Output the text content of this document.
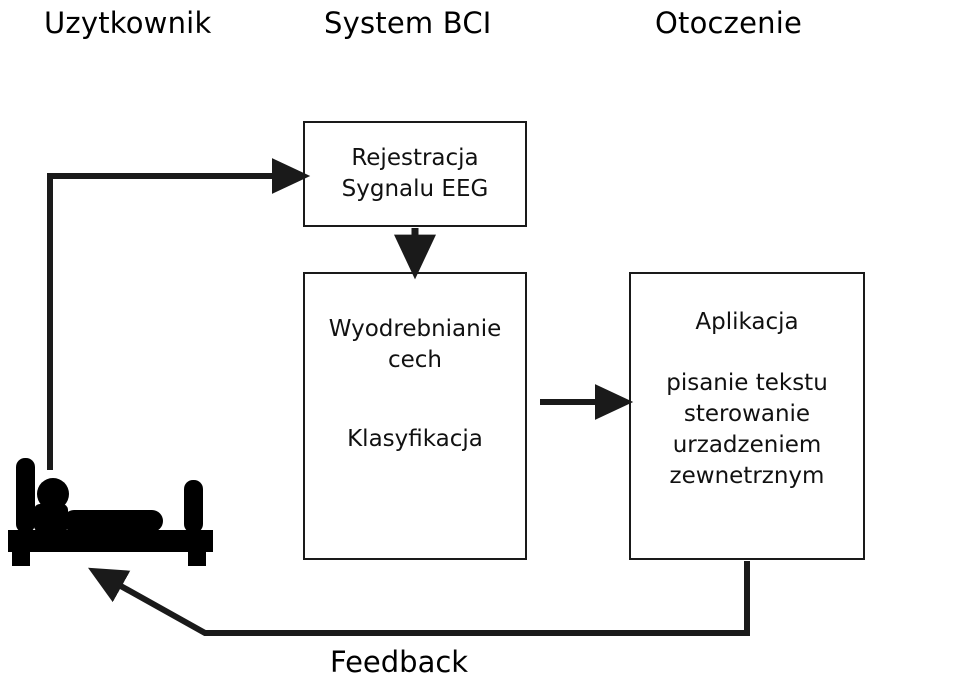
Uzytkownik	System BCI	Otoczenie
Rejestracja
Sygnalu EEG
Wyodrebnianie
cech
Klasyfikacja
Aplikacja
pisanie tekstu
sterowanie
urzadzeniem
zewnetrznym
Feedback
